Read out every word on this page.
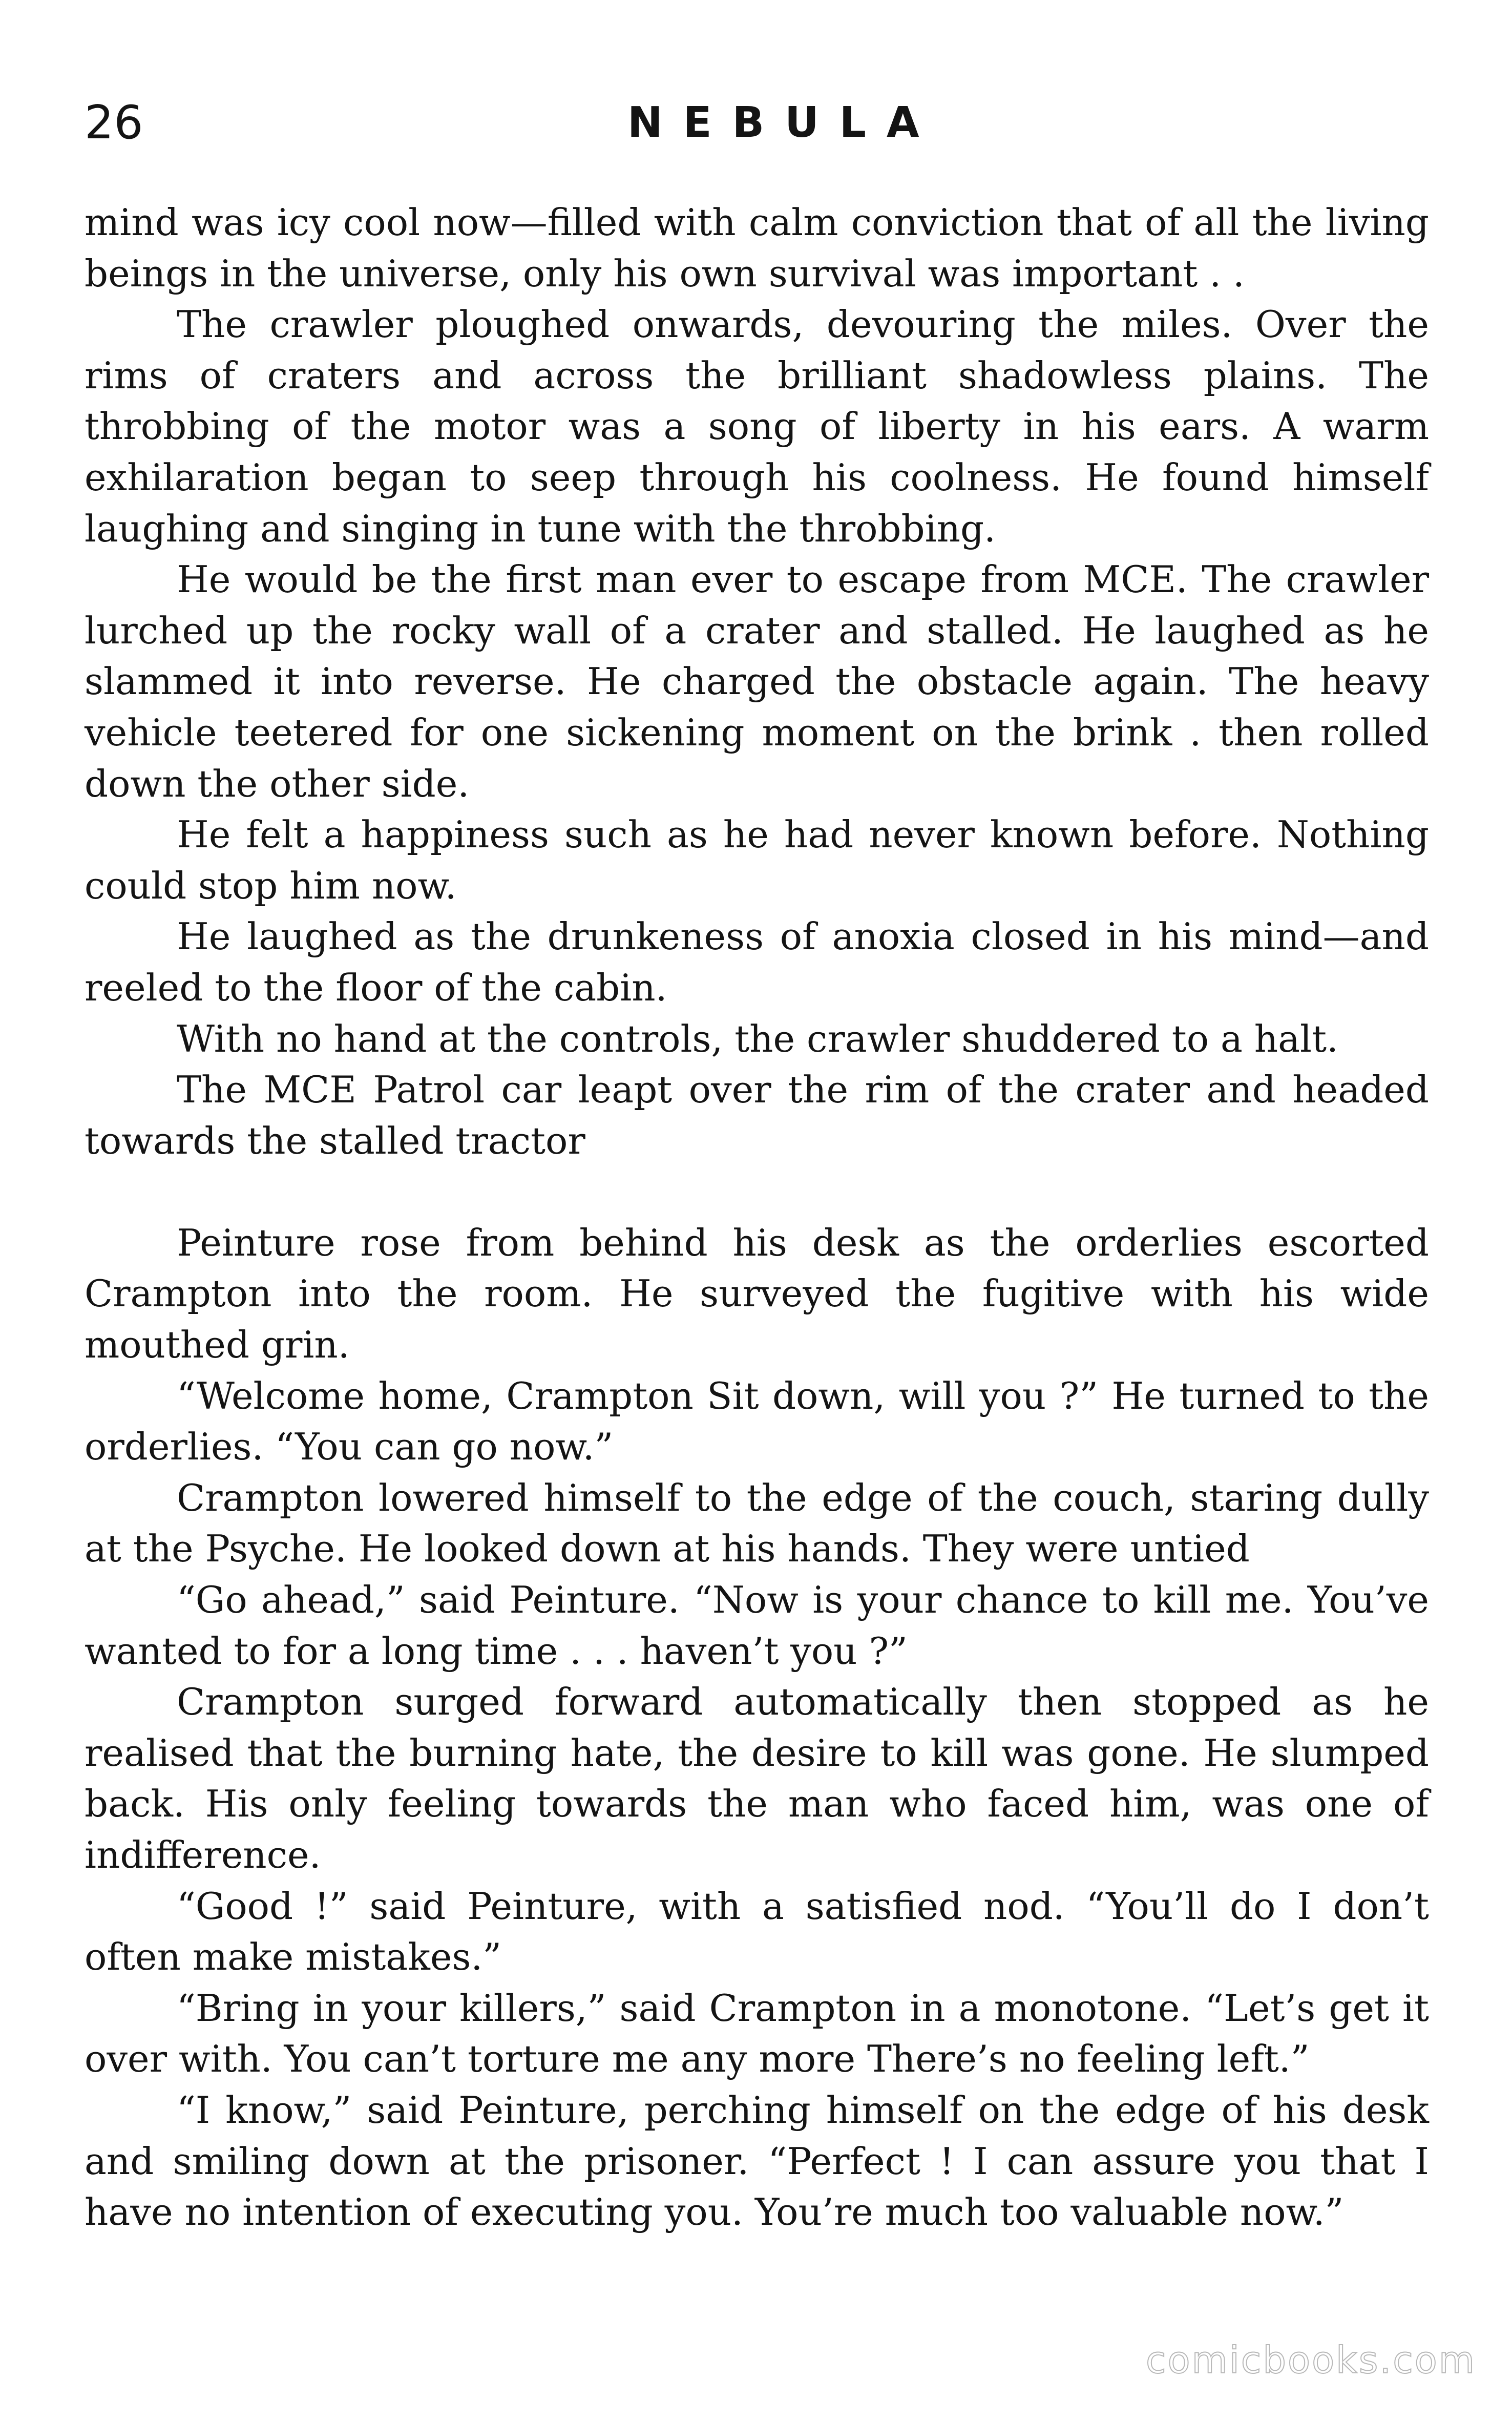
26	NEBULA

mind was icy cool now—filled with calm conviction that of all the living beings in the universe, only his own survival was important . .

The crawler ploughed onwards, devouring the miles. Over the rims of craters and across the brilliant shadowless plains. The throbbing of the motor was a song of liberty in his ears. A warm exhilaration began to seep through his coolness. He found himself laughing and singing in tune with the throbbing.

He would be the first man ever to escape from MCE. The crawler lurched up the rocky wall of a crater and stalled. He laughed as he slammed it into reverse. He charged the obstacle again. The heavy vehicle teetered for one sickening moment on the brink . then rolled down the other side.

He felt a happiness such as he had never known before. Nothing could stop him now.

He laughed as the drunkeness of anoxia closed in his mind—and reeled to the floor of the cabin.

With no hand at the controls, the crawler shuddered to a halt.

The MCE Patrol car leapt over the rim of the crater and headed towards the stalled tractor

Peinture rose from behind his desk as the orderlies escorted Crampton into the room. He surveyed the fugitive with his wide mouthed grin.

“Welcome home, Crampton Sit down, will you ?” He turned to the orderlies. “You can go now.”

Crampton lowered himself to the edge of the couch, staring dully at the Psyche. He looked down at his hands. They were untied

“Go ahead,” said Peinture. “Now is your chance to kill me. You’ve wanted to for a long time . . . haven’t you ?”

Crampton surged forward automatically then stopped as he realised that the burning hate, the desire to kill was gone. He slumped back. His only feeling towards the man who faced him, was one of indifference.

“Good !” said Peinture, with a satisfied nod. “You’ll do I don’t often make mistakes.”

“Bring in your killers,” said Crampton in a monotone. “Let’s get it over with. You can’t torture me any more There’s no feeling left.”

“I know,” said Peinture, perching himself on the edge of his desk and smiling down at the prisoner. “Perfect ! I can assure you that I have no intention of executing you. You’re much too valuable now.”

comicbooks.com
